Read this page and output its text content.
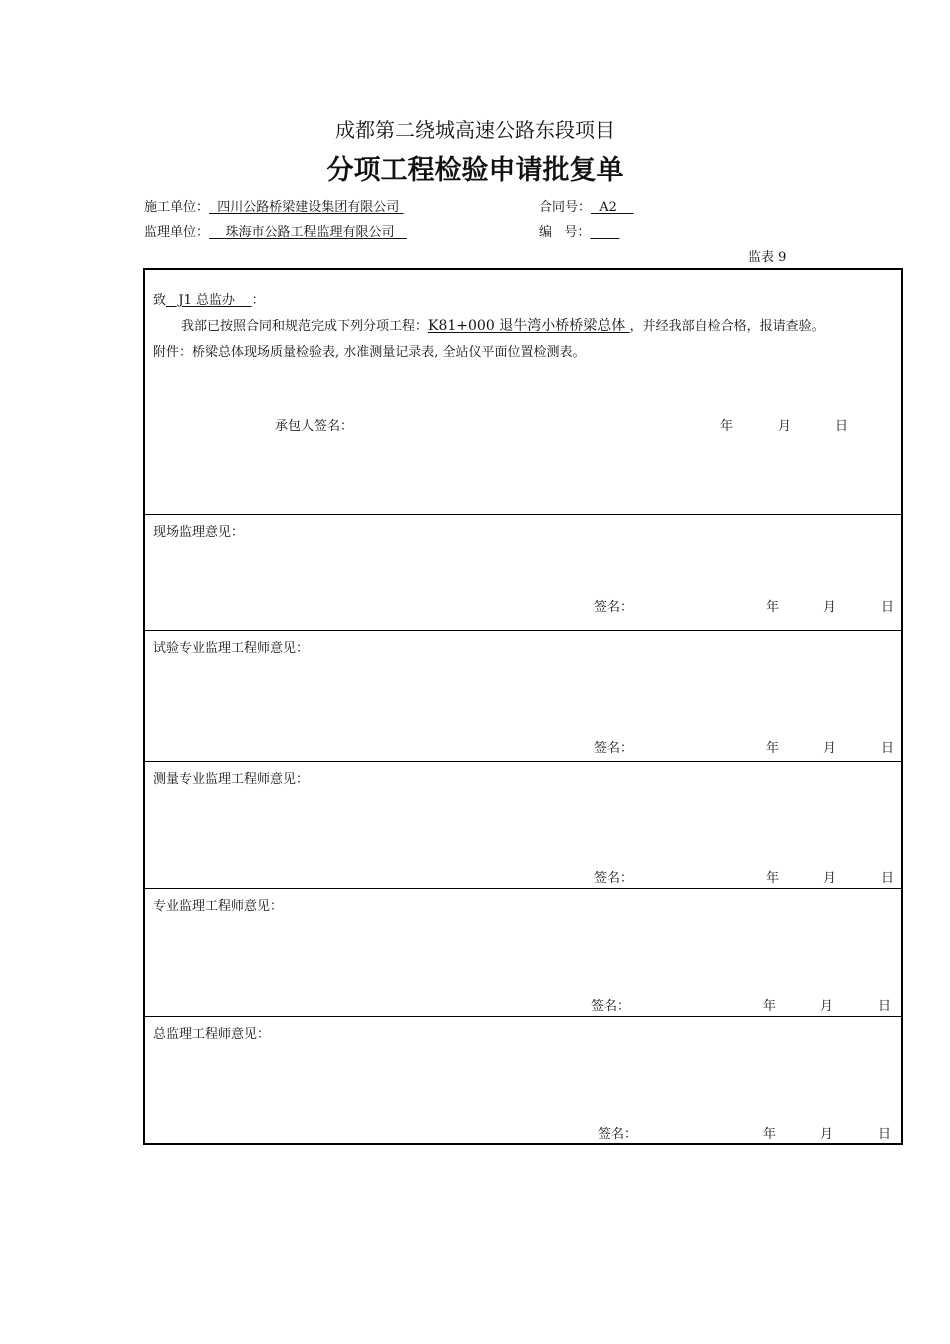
成都第二绕城高速公路东段项目
分项工程检验申请批复单
施工单位：  四川公路桥梁建设集团有限公司	合同号：  A2
监理单位：    珠海市公路工程监理有限公司	编   号：
监表 9
致   J1 总监办    ：
我部已按照合同和规范完成下列分项工程：K81+000 退牛湾小桥桥梁总体 ，并经我部自检合格，报请查验。
附件：桥梁总体现场质量检验表, 水准测量记录表, 全站仪平面位置检测表。
承包人签名：	年	月	日
现场监理意见：
签名：	年	月	日
试验专业监理工程师意见：
签名：	年	月	日
测量专业监理工程师意见：
签名：	年	月	日
专业监理工程师意见：
签名：	年	月	日
总监理工程师意见：
签名：	年	月	日
